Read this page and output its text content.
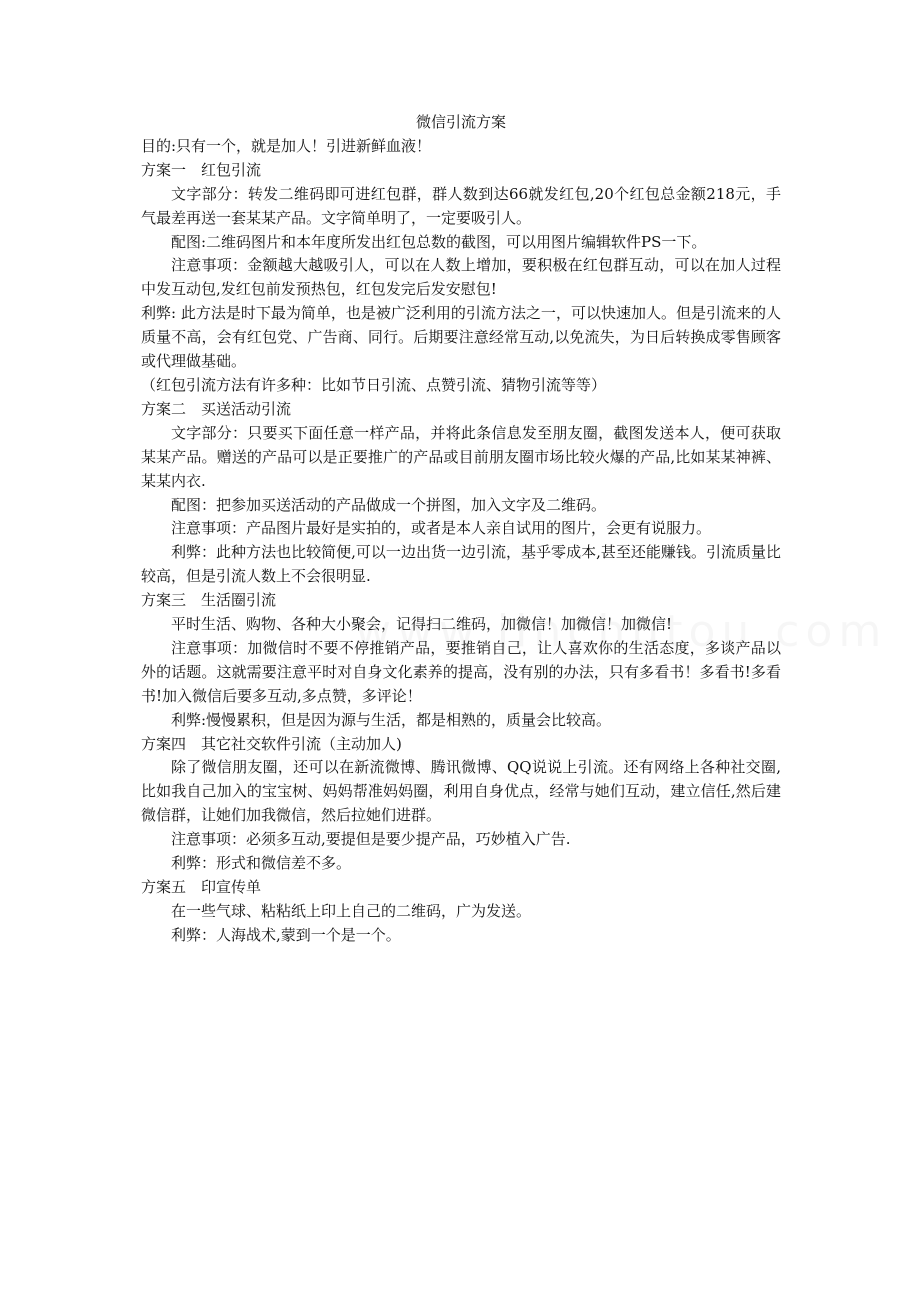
微信引流方案

目的:只有一个，就是加人！引进新鲜血液！

方案一　红包引流

文字部分：转发二维码即可进红包群，群人数到达66就发红包,20个红包总金额218元，手气最差再送一套某某产品。文字简单明了，一定要吸引人。

配图:二维码图片和本年度所发出红包总数的截图，可以用图片编辑软件PS一下。

注意事项：金额越大越吸引人，可以在人数上增加，要积极在红包群互动，可以在加人过程中发互动包,发红包前发预热包，红包发完后发安慰包!

利弊: 此方法是时下最为简单，也是被广泛利用的引流方法之一，可以快速加人。但是引流来的人质量不高，会有红包党、广告商、同行。后期要注意经常互动,以免流失，为日后转换成零售顾客或代理做基础。

（红包引流方法有许多种：比如节日引流、点赞引流、猜物引流等等）

方案二　买送活动引流

文字部分：只要买下面任意一样产品，并将此条信息发至朋友圈，截图发送本人，便可获取某某产品。赠送的产品可以是正要推广的产品或目前朋友圈市场比较火爆的产品,比如某某神裤、某某内衣.

配图：把参加买送活动的产品做成一个拼图，加入文字及二维码。

注意事项：产品图片最好是实拍的，或者是本人亲自试用的图片，会更有说服力。

利弊：此种方法也比较简便,可以一边出货一边引流，基乎零成本,甚至还能赚钱。引流质量比较高，但是引流人数上不会很明显.

方案三　生活圈引流

平时生活、购物、各种大小聚会，记得扫二维码，加微信！加微信！加微信!

注意事项：加微信时不要不停推销产品，要推销自己，让人喜欢你的生活态度，多谈产品以外的话题。这就需要注意平时对自身文化素养的提高，没有别的办法，只有多看书！多看书!多看书!加入微信后要多互动,多点赞，多评论！

利弊:慢慢累积，但是因为源与生活，都是相熟的，质量会比较高。

方案四　其它社交软件引流（主动加人)

除了微信朋友圈，还可以在新流微博、腾讯微博、QQ说说上引流。还有网络上各种社交圈,比如我自己加入的宝宝树、妈妈帮准妈妈圈，利用自身优点，经常与她们互动，建立信任,然后建微信群，让她们加我微信，然后拉她们进群。

注意事项：必须多互动,要提但是要少提产品，巧妙植入广告.

利弊：形式和微信差不多。

方案五　印宣传单

在一些气球、粘粘纸上印上自己的二维码，广为发送。

利弊：人海战术,蒙到一个是一个。
